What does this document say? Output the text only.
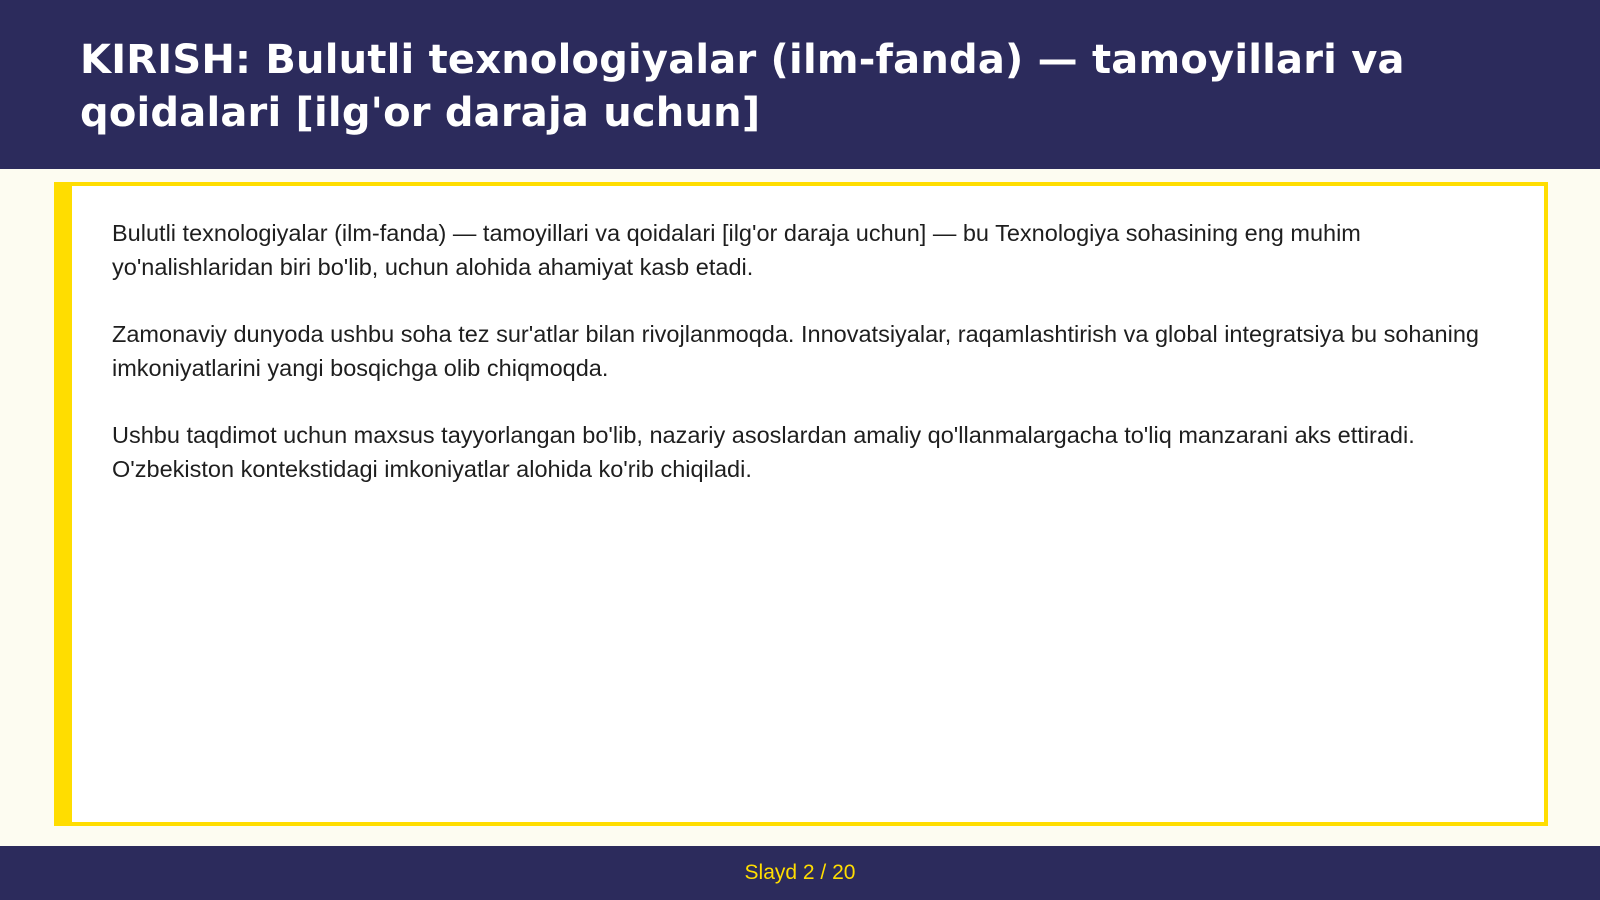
KIRISH: Bulutli texnologiyalar (ilm-fanda) — tamoyillari va qoidalari [ilg'or daraja uchun]

Bulutli texnologiyalar (ilm-fanda) — tamoyillari va qoidalari [ilg'or daraja uchun] — bu Texnologiya sohasining eng muhim yo'nalishlaridan biri bo'lib, uchun alohida ahamiyat kasb etadi.

Zamonaviy dunyoda ushbu soha tez sur'atlar bilan rivojlanmoqda. Innovatsiyalar, raqamlashtirish va global integratsiya bu sohaning imkoniyatlarini yangi bosqichga olib chiqmoqda.

Ushbu taqdimot uchun maxsus tayyorlangan bo'lib, nazariy asoslardan amaliy qo'llanmalargacha to'liq manzarani aks ettiradi. O'zbekiston kontekstidagi imkoniyatlar alohida ko'rib chiqiladi.

Slayd 2 / 20
